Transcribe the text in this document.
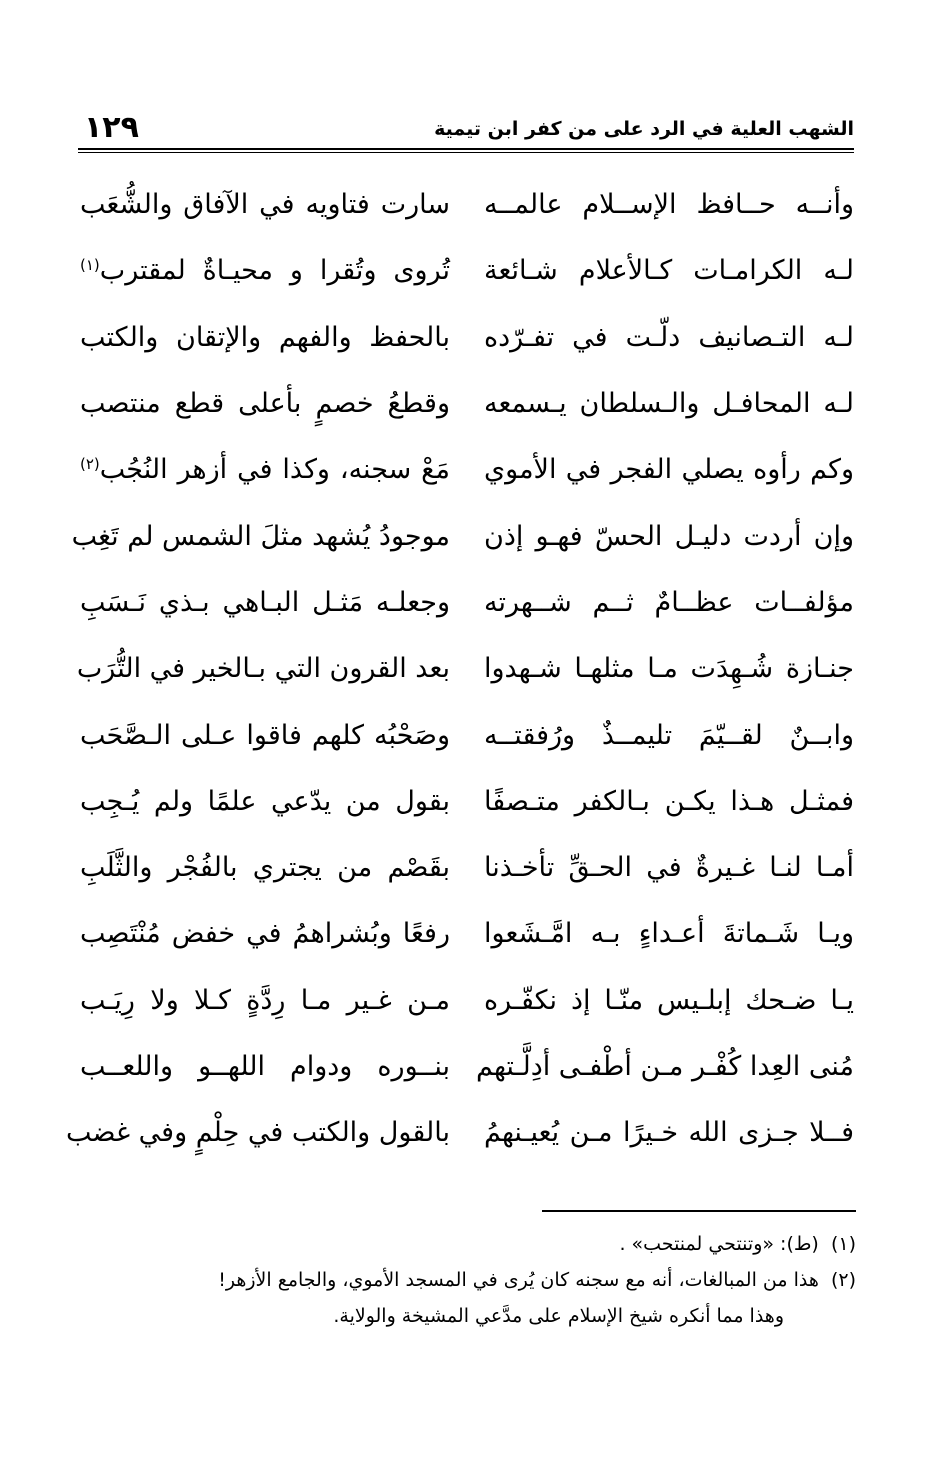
١٢٩	الشهب العلية في الرد على من كفر ابن تيمية
وأنــه حــافظ الإســلام عالمــه
سارت فتاويه في الآفاق والشُّعَب
لـه الكرامـات كـالأعلام شـائعة
تُروى وتُقرا و محيـاةٌ لمقترب$^{(١)}$
لـه التـصانيف دلّـت في تفـرّده
بالحفظ والفهم والإتقان والكتب
لـه المحافـل والـسلطان يـسمعه
وقطعُ خصمٍ بأعلى قطع منتصب
وكم رأوه يصلي الفجر في الأموي
مَعْ سجنه، وكذا في أزهر النُجُب$^{(٢)}$
وإن أردت دليـل الحسّ فهـو إذن
موجودُ يُشهد مثلَ الشمس لم تَغِب
مؤلفــات عظــامٌ ثــم شــهرته
وجعلـه مَثـل البـاهي بـذي نَـسَبِ
جنـازة شُـهِدَت مـا مثلهـا شـهدوا
بعد القرون التي بـالخير في التُّرَب
وابــنٌ لقــيّمَ تليمــذٌ ورُفقتــه
وصَحْبُه كلهم فاقوا عـلى الـصَّحَب
فمثـل هـذا يكـن بـالكفر متـصفًا
بقول من يدّعي علمًا ولم يُـجِب
أمـا لنـا غـيرةٌ في الحـقِّ تأخـذنا
بقَصْم من يجتري بالفُجْر والثَّلَبِ
ويـا شَـماتةَ أعـداءٍ بـه امَّـشَعوا
رفعًا وبُشراهمُ في خفض مُنْتَصِب
يـا ضـحك إبلـيس منّـا إذ نكفّـره
مـن غـير مـا رِدَّةٍ كـلا ولا رِيَـب
مُنى العِدا كُفْـر مـن أطْفـى أدِلَّـتهم
بنــوره ودوام اللهــو واللعــب
فــلا جـزى الله خـيرًا مـن يُعيـنهمُ
بالقول والكتب في حِلْمٍ وفي غضب
(١)  (ط): «وتنتحي لمنتحب» .
(٢)  هذا من المبالغات، أنه مع سجنه كان يُرى في المسجد الأموي، والجامع الأزهر!
وهذا مما أنكره شيخ الإسلام على مدَّعي المشيخة والولاية.
